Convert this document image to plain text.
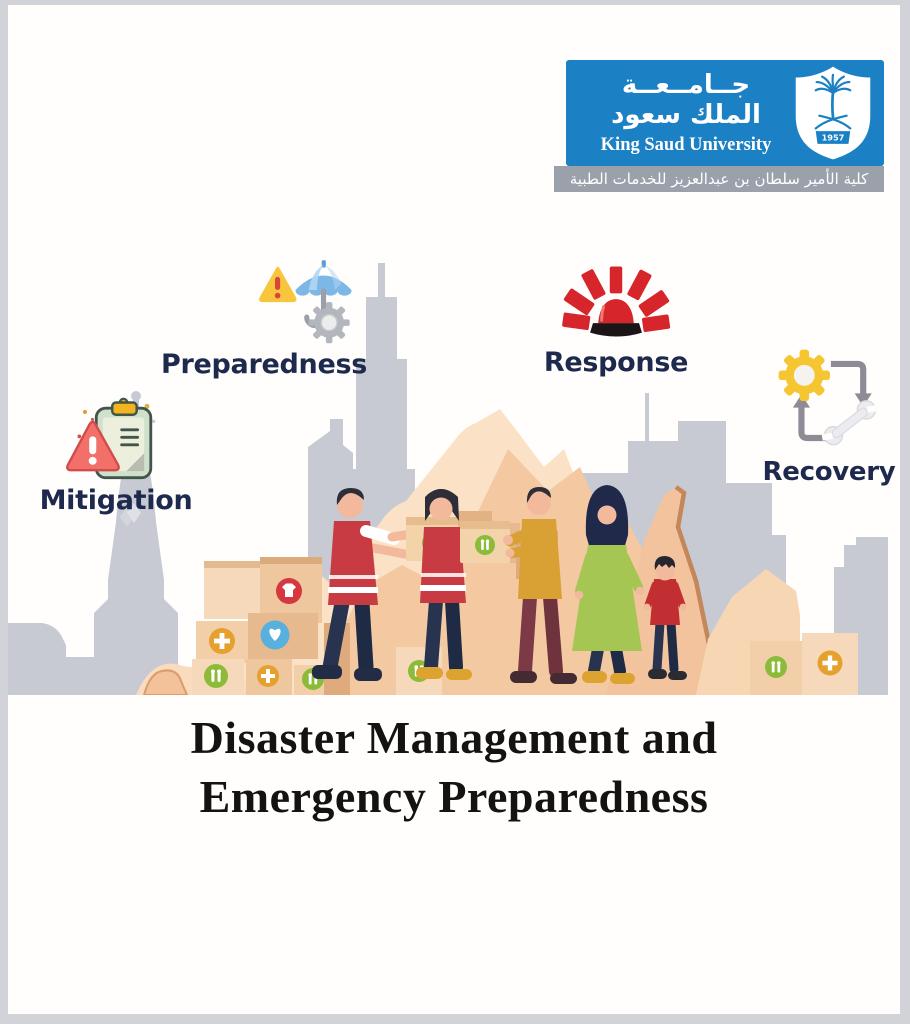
جــامــعــة
الملك سعود
King Saud University	1957
كلية الأمير سلطان بن عبدالعزيز للخدمات الطبية الطارئة
Mitigation
Preparedness	Response
Recovery
Disaster Management and
Emergency Preparedness
